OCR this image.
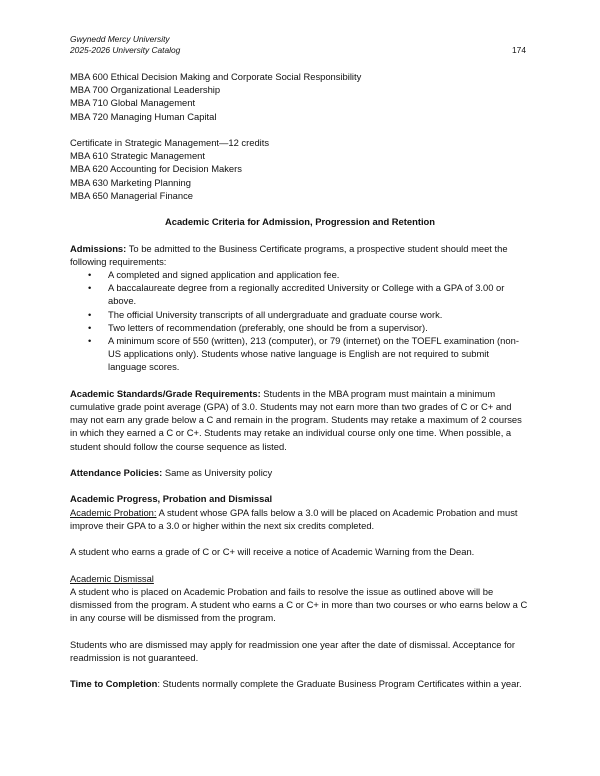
Gwynedd Mercy University
2025-2026 University Catalog	174

MBA 600 Ethical Decision Making and Corporate Social Responsibility

MBA 700 Organizational Leadership

MBA 710 Global Management

MBA 720 Managing Human Capital

Certificate in Strategic Management—12 credits

MBA 610 Strategic Management

MBA 620 Accounting for Decision Makers

MBA 630 Marketing Planning

MBA 650 Managerial Finance

Academic Criteria for Admission, Progression and Retention

Admissions: To be admitted to the Business Certificate programs, a prospective student should meet the following requirements:

• A completed and signed application and application fee.
• A baccalaureate degree from a regionally accredited University or College with a GPA of 3.00 or above.
• The official University transcripts of all undergraduate and graduate course work.
• Two letters of recommendation (preferably, one should be from a supervisor).
• A minimum score of 550 (written), 213 (computer), or 79 (internet) on the TOEFL examination (non-US applications only). Students whose native language is English are not required to submit language scores.

Academic Standards/Grade Requirements: Students in the MBA program must maintain a minimum cumulative grade point average (GPA) of 3.0. Students may not earn more than two grades of C or C+ and may not earn any grade below a C and remain in the program. Students may retake a maximum of 2 courses in which they earned a C or C+. Students may retake an individual course only one time. When possible, a student should follow the course sequence as listed.

Attendance Policies: Same as University policy

Academic Progress, Probation and Dismissal

Academic Probation: A student whose GPA falls below a 3.0 will be placed on Academic Probation and must improve their GPA to a 3.0 or higher within the next six credits completed.

A student who earns a grade of C or C+ will receive a notice of Academic Warning from the Dean.

Academic Dismissal

A student who is placed on Academic Probation and fails to resolve the issue as outlined above will be dismissed from the program. A student who earns a C or C+ in more than two courses or who earns below a C in any course will be dismissed from the program.

Students who are dismissed may apply for readmission one year after the date of dismissal. Acceptance for readmission is not guaranteed.

Time to Completion: Students normally complete the Graduate Business Program Certificates within a year.
